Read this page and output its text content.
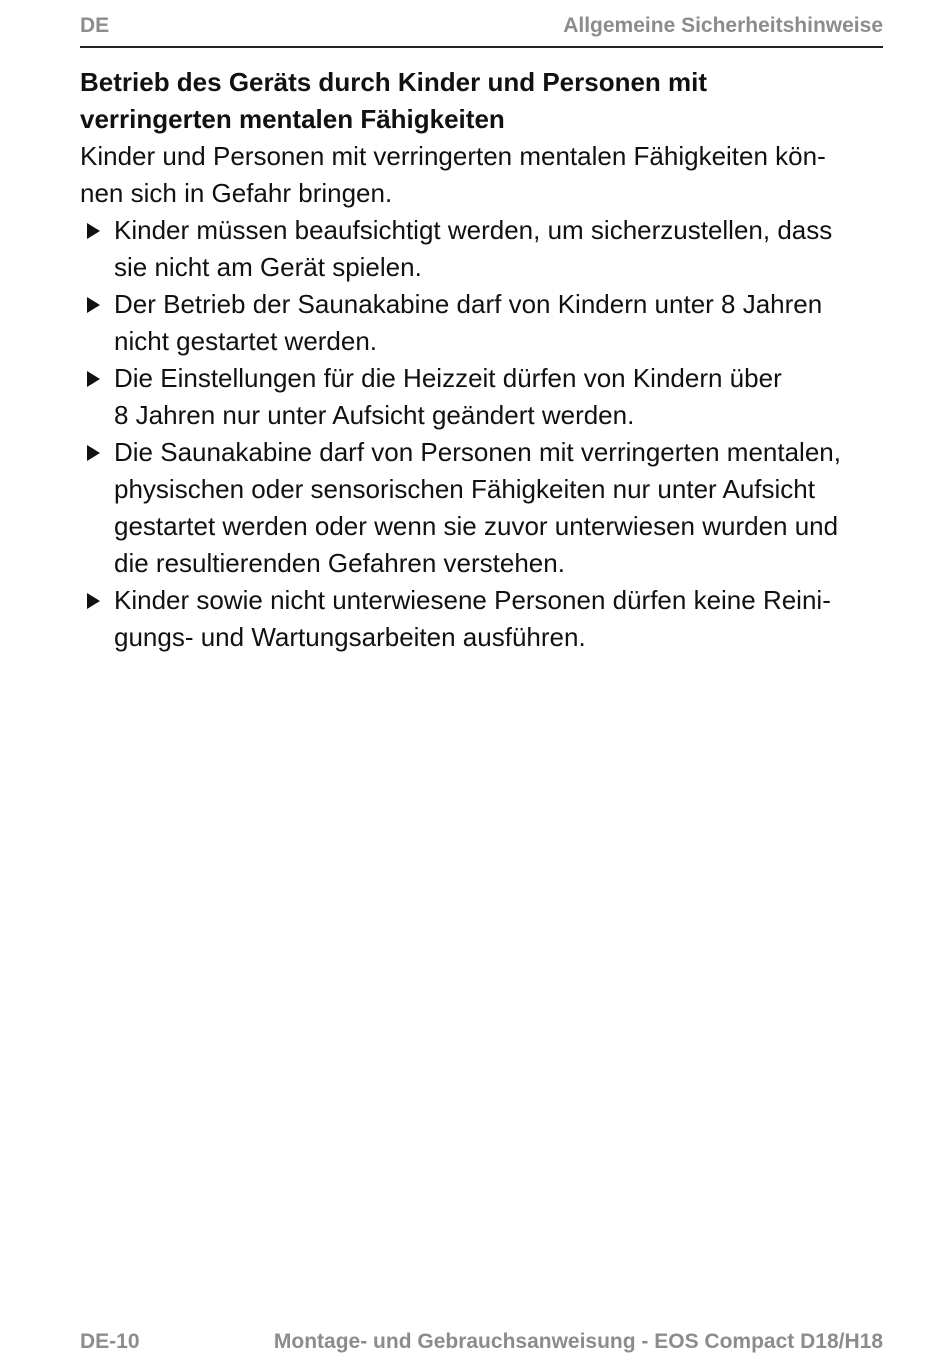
DE	Allgemeine Sicherheitshinweise
Betrieb des Geräts durch Kinder und Personen mit
verringerten mentalen Fähigkeiten

Kinder und Personen mit verringerten mentalen Fähigkeiten kön-
nen sich in Gefahr bringen.

Kinder müssen beaufsichtigt werden, um sicherzustellen, dass
sie nicht am Gerät spielen.
Der Betrieb der Saunakabine darf von Kindern unter 8 Jahren
nicht gestartet werden.
Die Einstellungen für die Heizzeit dürfen von Kindern über
8 Jahren nur unter Aufsicht geändert werden.
Die Saunakabine darf von Personen mit verringerten mentalen,
physischen oder sensorischen Fähigkeiten nur unter Aufsicht
gestartet werden oder wenn sie zuvor unterwiesen wurden und
die resultierenden Gefahren verstehen.
Kinder sowie nicht unterwiesene Personen dürfen keine Reini-
gungs- und Wartungsarbeiten ausführen.
DE-10	Montage- und Gebrauchsanweisung - EOS Compact D18/H18
